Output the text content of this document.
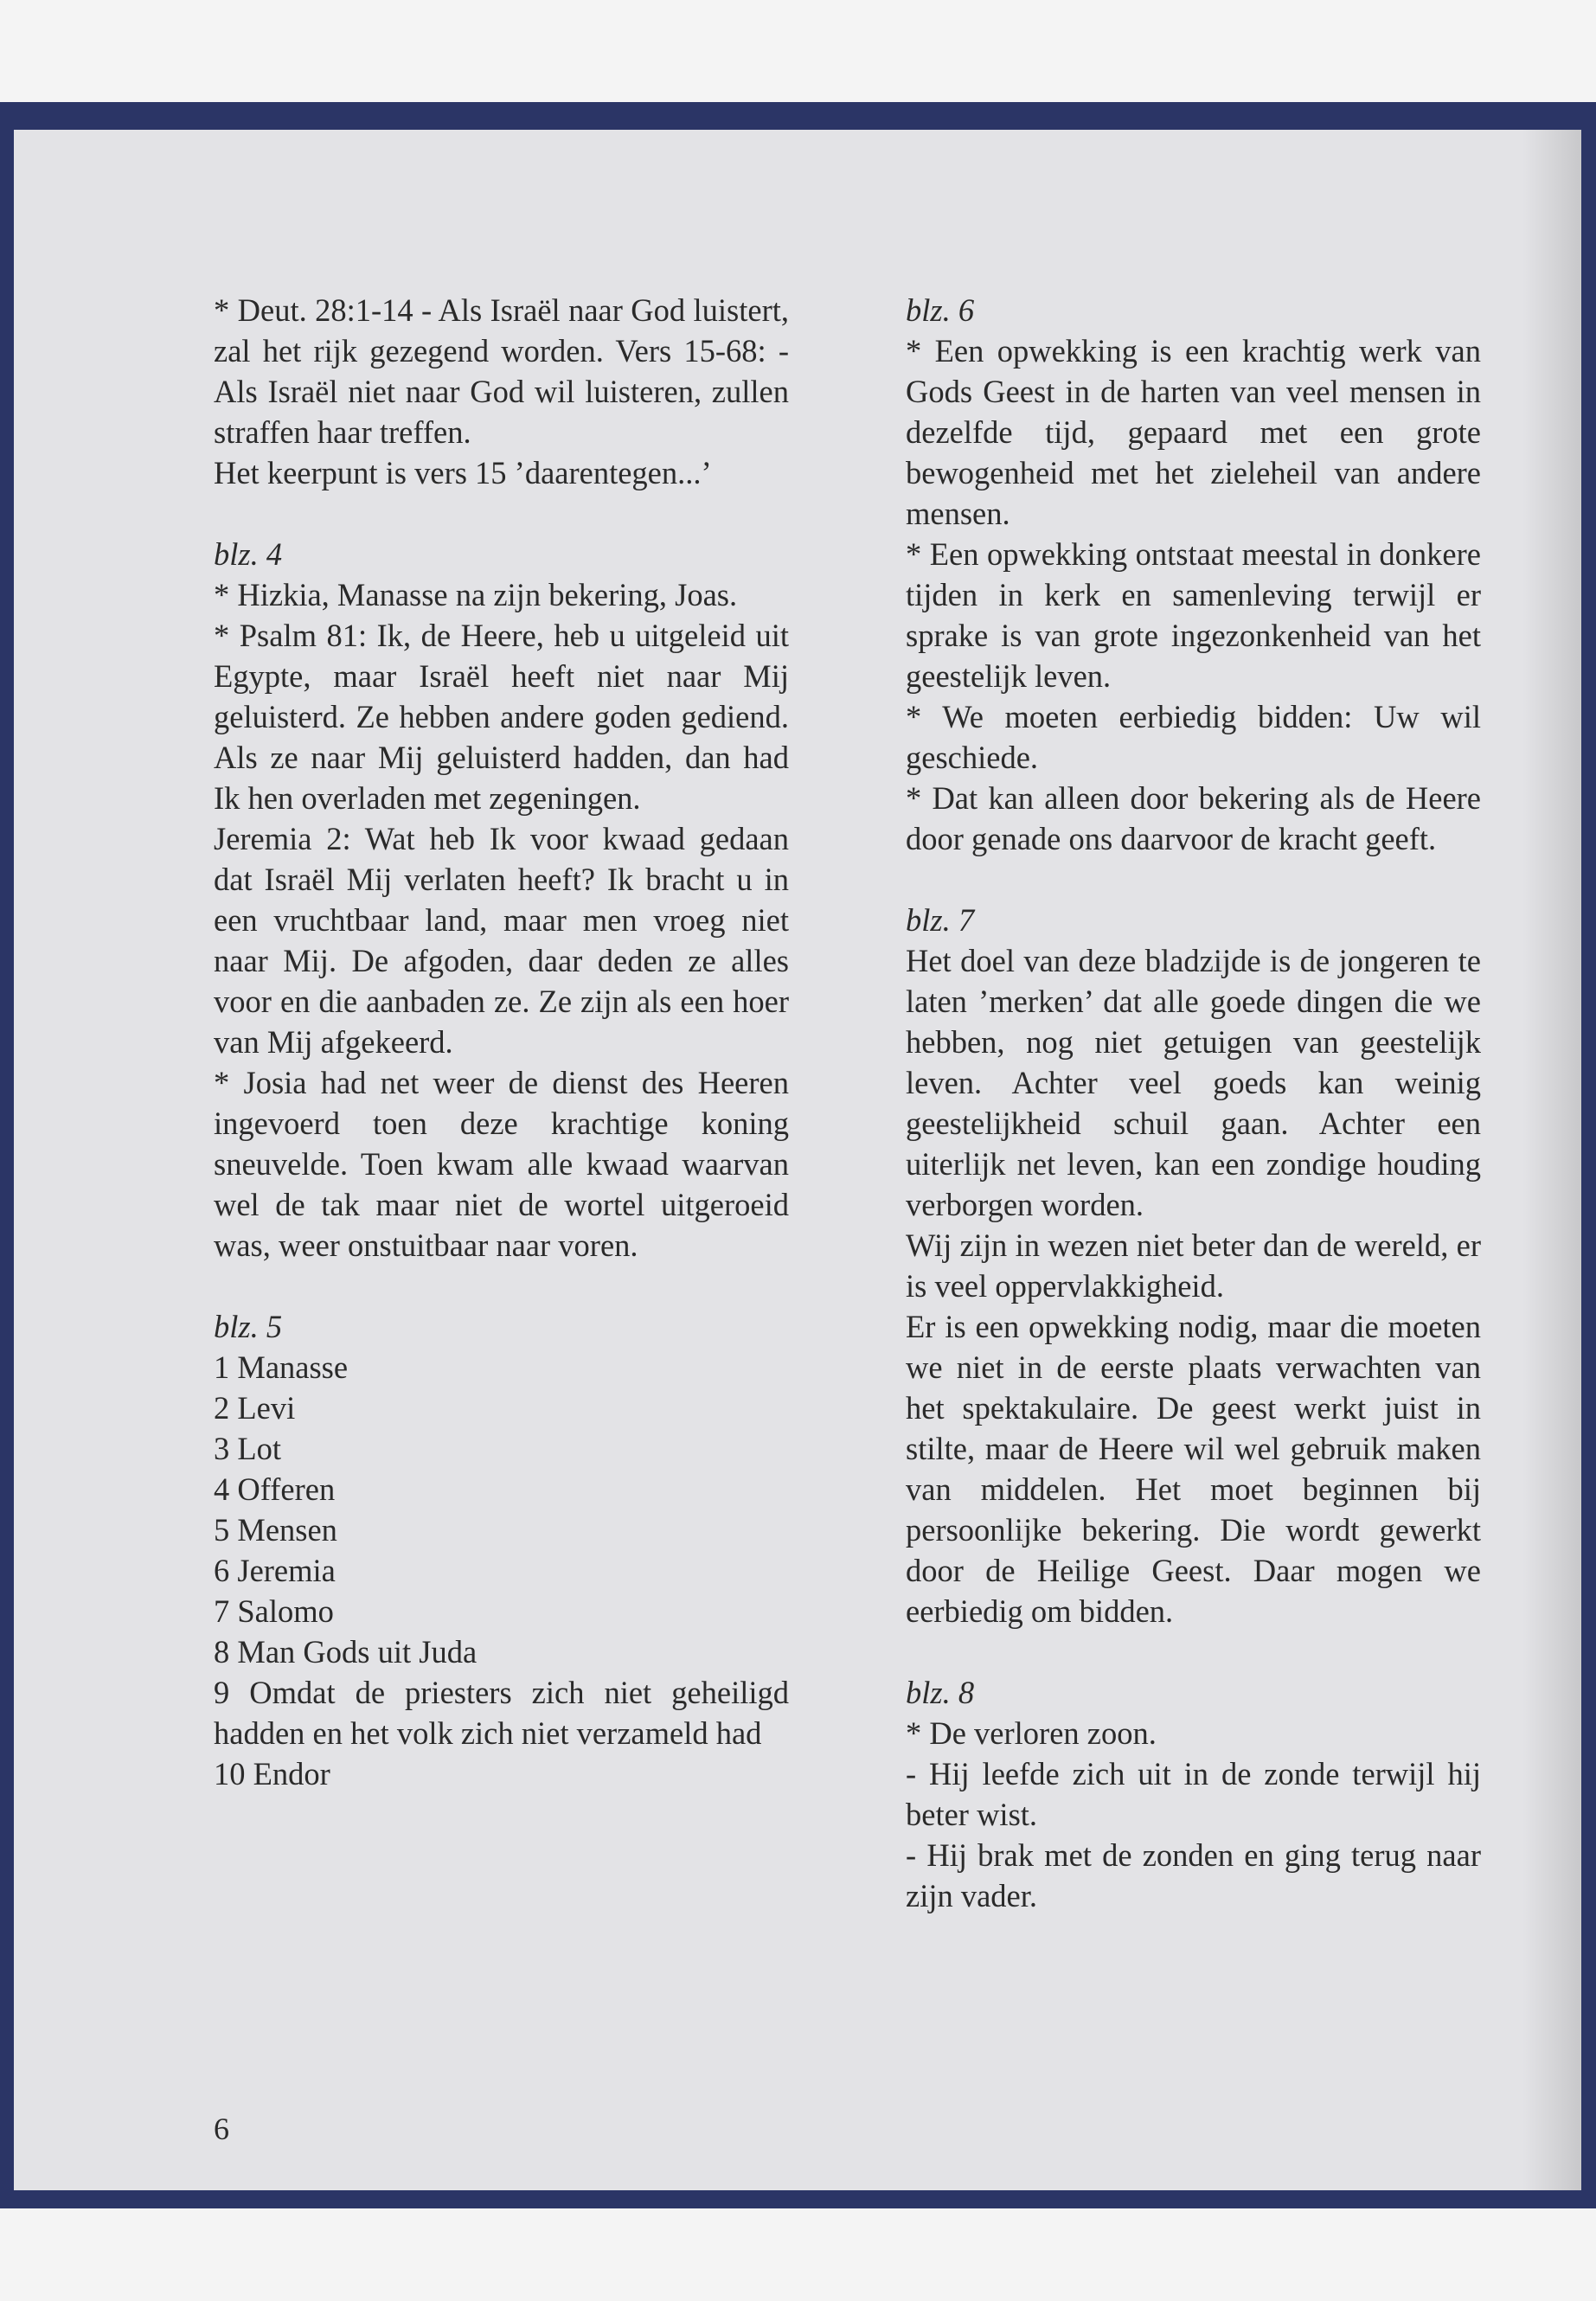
* Deut. 28:1-14 - Als Israël naar God luistert, zal het rijk gezegend worden. Vers 15-68: - Als Israël niet naar God wil luisteren, zullen straffen haar treffen.

Het keerpunt is vers 15 ’daarentegen...’

blz. 4

* Hizkia, Manasse na zijn bekering, Joas.

* Psalm 81: Ik, de Heere, heb u uitgeleid uit Egypte, maar Israël heeft niet naar Mij geluisterd. Ze hebben andere goden gediend. Als ze naar Mij geluisterd hadden, dan had Ik hen overladen met zegeningen.

Jeremia 2: Wat heb Ik voor kwaad gedaan dat Israël Mij verlaten heeft? Ik bracht u in een vruchtbaar land, maar men vroeg niet naar Mij. De afgoden, daar deden ze alles voor en die aanbaden ze. Ze zijn als een hoer van Mij afgekeerd.

* Josia had net weer de dienst des Heeren ingevoerd toen deze krachtige koning sneuvelde. Toen kwam alle kwaad waarvan wel de tak maar niet de wortel uitgeroeid was, weer onstuitbaar naar voren.

blz. 5

1 Manasse

2 Levi

3 Lot

4 Offeren

5 Mensen

6 Jeremia

7 Salomo

8 Man Gods uit Juda

9 Omdat de priesters zich niet geheiligd hadden en het volk zich niet verzameld had

10 Endor

blz. 6

* Een opwekking is een krachtig werk van Gods Geest in de harten van veel mensen in dezelfde tijd, gepaard met een grote bewogenheid met het zieleheil van andere mensen.

* Een opwekking ontstaat meestal in donkere tijden in kerk en samenleving terwijl er sprake is van grote ingezonkenheid van het geestelijk leven.

* We moeten eerbiedig bidden: Uw wil geschiede.

* Dat kan alleen door bekering als de Heere door genade ons daarvoor de kracht geeft.

blz. 7

Het doel van deze bladzijde is de jongeren te laten ’merken’ dat alle goede dingen die we hebben, nog niet getuigen van geestelijk leven. Achter veel goeds kan weinig geestelijkheid schuil gaan. Achter een uiterlijk net leven, kan een zondige houding verborgen worden.

Wij zijn in wezen niet beter dan de wereld, er is veel oppervlakkigheid.

Er is een opwekking nodig, maar die moeten we niet in de eerste plaats verwachten van het spektakulaire. De geest werkt juist in stilte, maar de Heere wil wel gebruik maken van middelen. Het moet beginnen bij persoonlijke bekering. Die wordt gewerkt door de Heilige Geest. Daar mogen we eerbiedig om bidden.

blz. 8

* De verloren zoon.

- Hij leefde zich uit in de zonde terwijl hij beter wist.

- Hij brak met de zonden en ging terug naar zijn vader.

6
